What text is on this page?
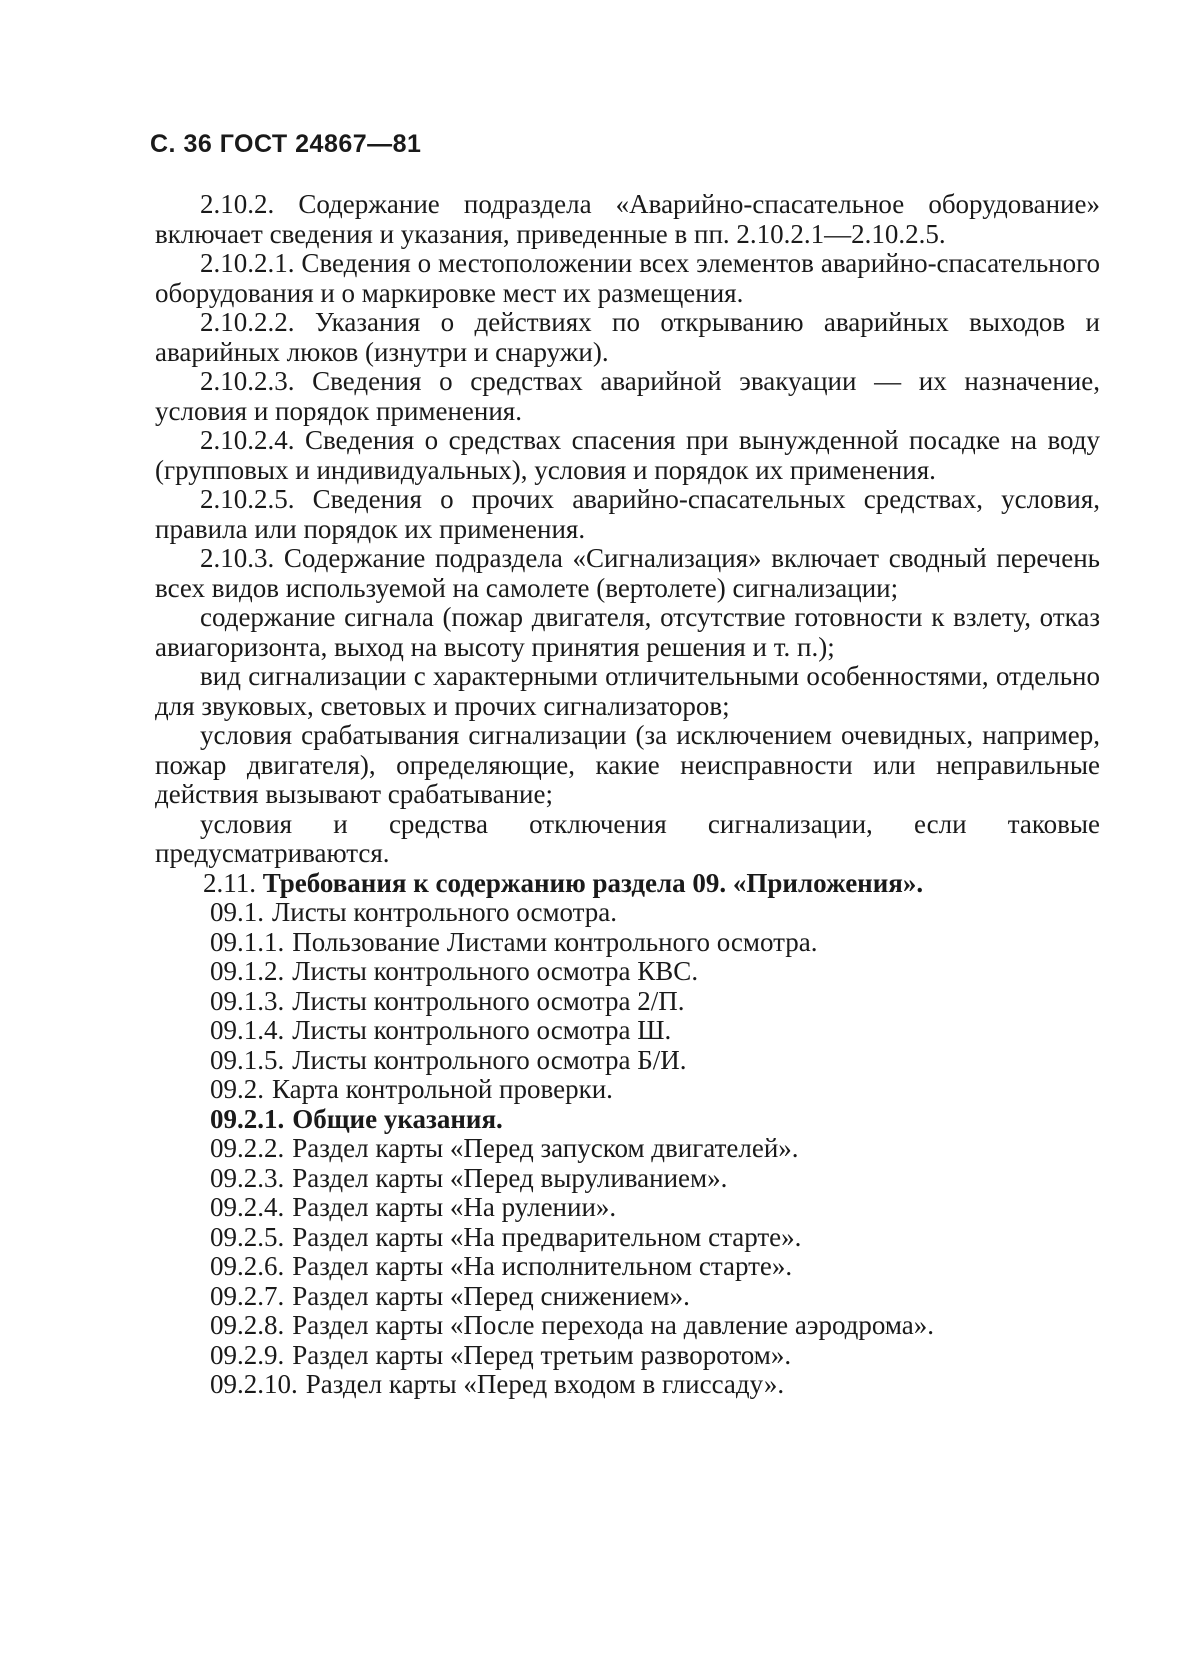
С. 36 ГОСТ 24867—81

2.10.2. Содержание подраздела «Аварийно-спасательное оборудование» включает сведения и указания, приведенные в пп. 2.10.2.1—2.10.2.5.

2.10.2.1. Сведения о местоположении всех элементов аварийно-спасательного оборудования и о маркировке мест их размещения.

2.10.2.2. Указания о действиях по открыванию аварийных выходов и аварийных люков (изнутри и снаружи).

2.10.2.3. Сведения о средствах аварийной эвакуации — их назначение, условия и порядок применения.

2.10.2.4. Сведения о средствах спасения при вынужденной посадке на воду (групповых и индивидуальных), условия и порядок их применения.

2.10.2.5. Сведения о прочих аварийно-спасательных средствах, условия, правила или порядок их применения.

2.10.3. Содержание подраздела «Сигнализация» включает сводный перечень всех видов используемой на самолете (вертолете) сигнализации;

содержание сигнала (пожар двигателя, отсутствие готовности к взлету, отказ авиагоризонта, выход на высоту принятия решения и т. п.);

вид сигнализации с характерными отличительными особенностями, отдельно для звуковых, световых и прочих сигнализаторов;

условия срабатывания сигнализации (за исключением очевидных, например, пожар двигателя), определяющие, какие неисправности или неправильные действия вызывают срабатывание;

условия и средства отключения сигнализации, если таковые предусматриваются.

2.11. Требования к содержанию раздела 09. «Приложения».

09.1. Листы контрольного осмотра.
09.1.1. Пользование Листами контрольного осмотра.
09.1.2. Листы контрольного осмотра КВС.
09.1.3. Листы контрольного осмотра 2/П.
09.1.4. Листы контрольного осмотра Ш.
09.1.5. Листы контрольного осмотра Б/И.
09.2. Карта контрольной проверки.
09.2.1. Общие указания.
09.2.2. Раздел карты «Перед запуском двигателей».
09.2.3. Раздел карты «Перед выруливанием».
09.2.4. Раздел карты «На рулении».
09.2.5. Раздел карты «На предварительном старте».
09.2.6. Раздел карты «На исполнительном старте».
09.2.7. Раздел карты «Перед снижением».
09.2.8. Раздел карты «После перехода на давление аэродрома».
09.2.9. Раздел карты «Перед третьим разворотом».
09.2.10. Раздел карты «Перед входом в глиссаду».
